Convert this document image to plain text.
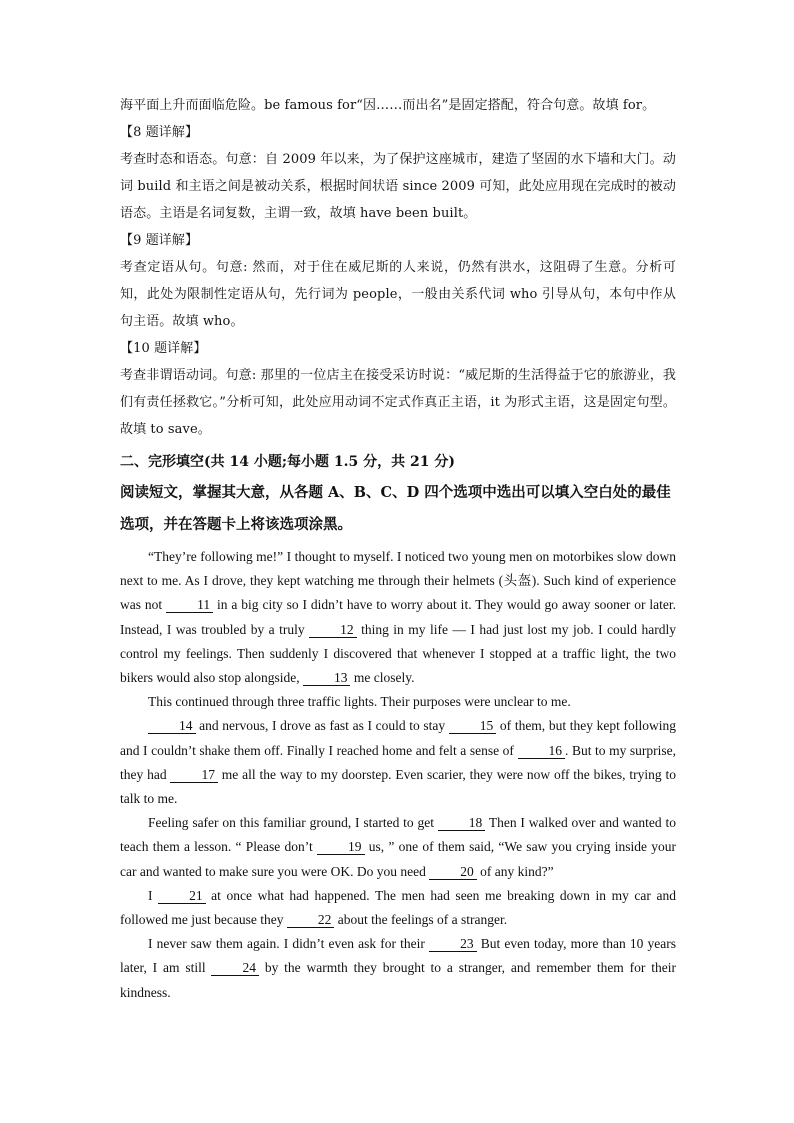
海平面上升而面临危险。be famous for“因……而出名”是固定搭配，符合句意。故填 for。

【8 题详解】

考查时态和语态。句意：自 2009 年以来，为了保护这座城市，建造了坚固的水下墙和大门。动词 build 和主语之间是被动关系，根据时间状语 since 2009 可知，此处应用现在完成时的被动语态。主语是名词复数，主谓一致，故填 have been built。

【9 题详解】

考查定语从句。句意: 然而，对于住在威尼斯的人来说，仍然有洪水，这阻碍了生意。分析可知，此处为限制性定语从句，先行词为 people，一般由关系代词 who 引导从句，本句中作从句主语。故填 who。

【10 题详解】

考查非谓语动词。句意: 那里的一位店主在接受采访时说：“威尼斯的生活得益于它的旅游业，我们有责任拯救它。”分析可知，此处应用动词不定式作真正主语，it 为形式主语，这是固定句型。故填 to save。

二、完形填空(共 14 小题;每小题 1.5 分，共 21 分)

阅读短文，掌握其大意，从各题 A、B、C、D 四个选项中选出可以填入空白处的最佳选项，并在答题卡上将该选项涂黑。

“They’re following me!” I thought to myself. I noticed two young men on motorbikes slow down next to me. As I drove, they kept watching me through their helmets (头盔). Such kind of experience was not 11 in a big city so I didn’t have to worry about it. They would go away sooner or later. Instead, I was troubled by a truly 12 thing in my life — I had just lost my job. I could hardly control my feelings. Then suddenly I discovered that whenever I stopped at a traffic light, the two bikers would also stop alongside, 13 me closely.

This continued through three traffic lights. Their purposes were unclear to me.

14 and nervous, I drove as fast as I could to stay 15 of them, but they kept following and I couldn’t shake them off. Finally I reached home and felt a sense of 16 . But to my surprise, they had 17 me all the way to my doorstep. Even scarier, they were now off the bikes, trying to talk to me.

Feeling safer on this familiar ground, I started to get 18 Then I walked over and wanted to teach them a lesson. “ Please don’t 19 us, ” one of them said, “We saw you crying inside your car and wanted to make sure you were OK. Do you need 20 of any kind?”

I 21 at once what had happened. The men had seen me breaking down in my car and followed me just because they 22 about the feelings of a stranger.

I never saw them again. I didn’t even ask for their 23 But even today, more than 10 years later, I am still 24 by the warmth they brought to a stranger, and remember them for their kindness.
